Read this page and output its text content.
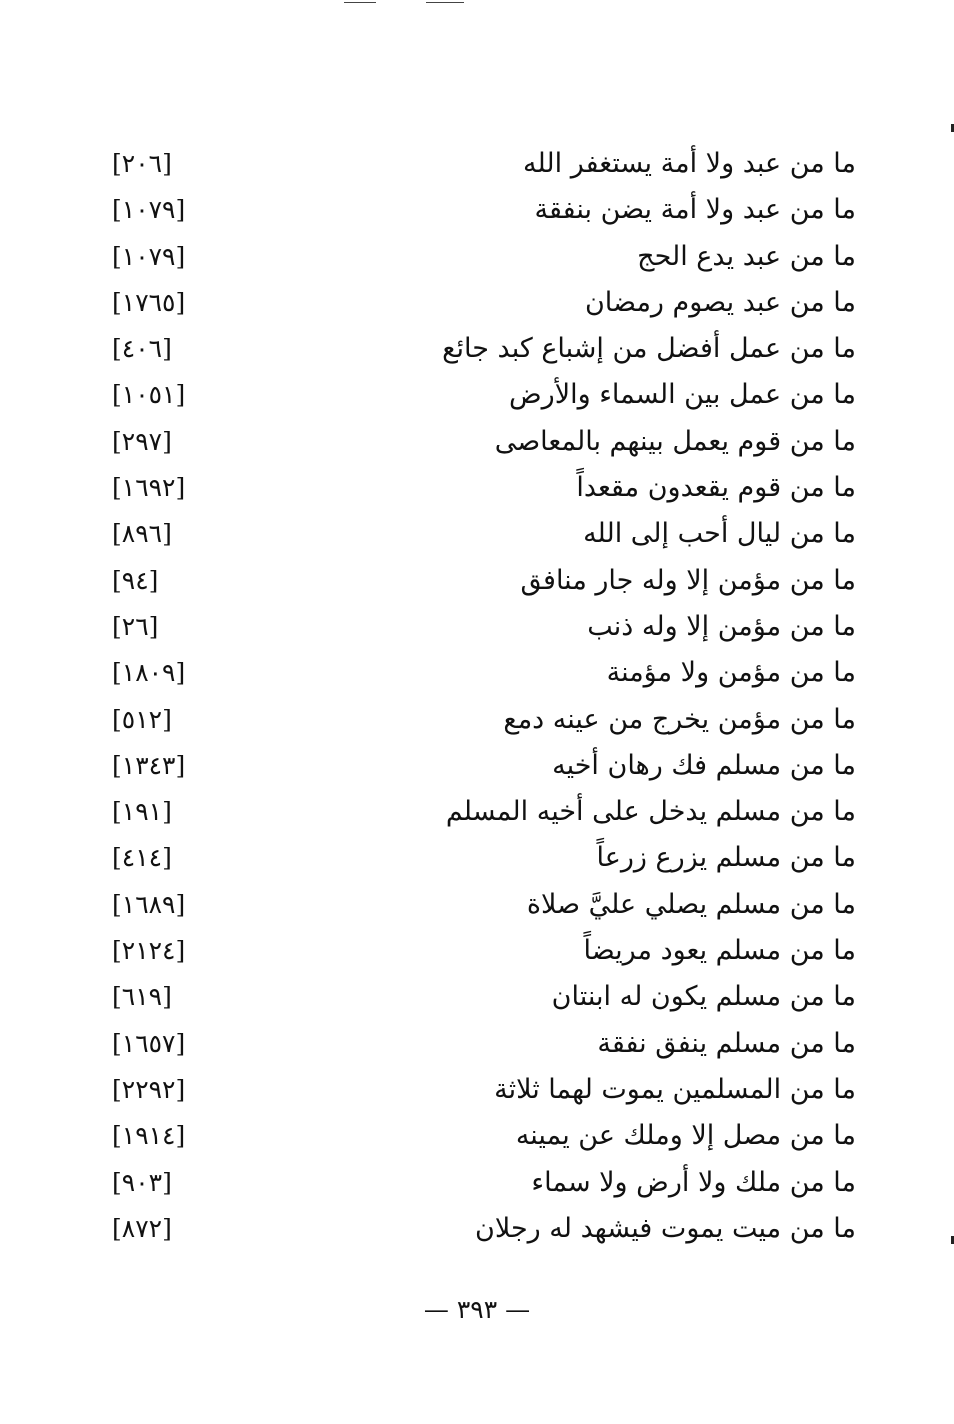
ما من عبد ولا أمة يستغفر الله
[٢٠٦]
ما من عبد ولا أمة يضن بنفقة
[١٠٧٩]
ما من عبد يدع الحج
[١٠٧٩]
ما من عبد يصوم رمضان
[١٧٦٥]
ما من عمل أفضل من إشباع كبد جائع
[٤٠٦]
ما من عمل بين السماء والأرض
[١٠٥١]
ما من قوم يعمل بينهم بالمعاصى
[٢٩٧]
ما من قوم يقعدون مقعداً
[١٦٩٢]
ما من ليال أحب إلى الله
[٨٩٦]
ما من مؤمن إلا وله جار منافق
[٩٤]
ما من مؤمن إلا وله ذنب
[٢٦]
ما من مؤمن ولا مؤمنة
[١٨٠٩]
ما من مؤمن يخرج من عينه دمع
[٥١٢]
ما من مسلم فك رهان أخيه
[١٣٤٣]
ما من مسلم يدخل على أخيه المسلم
[١٩١]
ما من مسلم يزرع زرعاً
[٤١٤]
ما من مسلم يصلي عليَّ صلاة
[١٦٨٩]
ما من مسلم يعود مريضاً
[٢١٢٤]
ما من مسلم يكون له ابنتان
[٦١٩]
ما من مسلم ينفق نفقة
[١٦٥٧]
ما من المسلمين يموت لهما ثلاثة
[٢٢٩٢]
ما من مصل إلا وملك عن يمينه
[١٩١٤]
ما من ملك ولا أرض ولا سماء
[٩٠٣]
ما من ميت يموت فيشهد له رجلان
[٨٧٢]
— ٣٩٣ —
